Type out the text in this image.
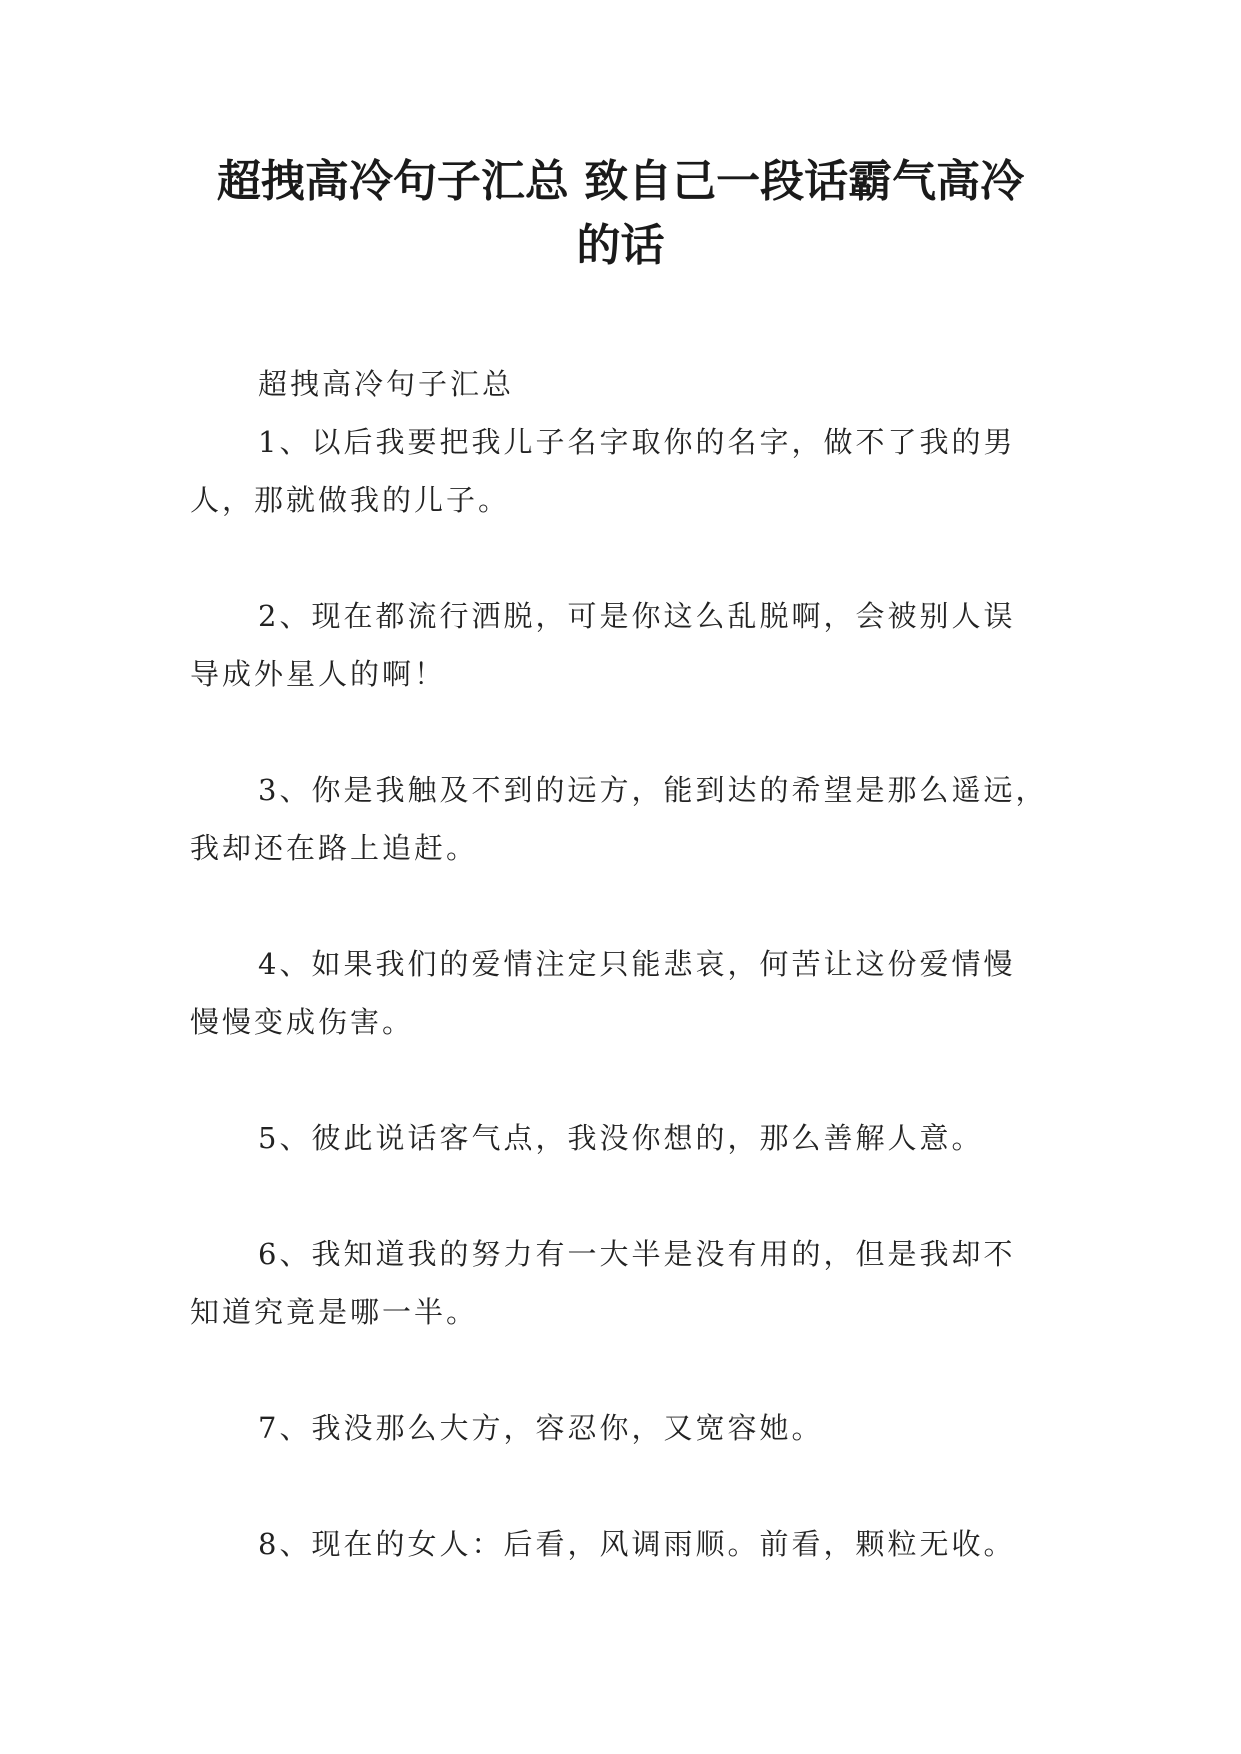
超拽高冷句子汇总 致自己一段话霸气高冷
的话

超拽高冷句子汇总

1、以后我要把我儿子名字取你的名字，做不了我的男
人，那就做我的儿子。
2、现在都流行洒脱，可是你这么乱脱啊，会被别人误
导成外星人的啊！
3、你是我触及不到的远方，能到达的希望是那么遥远，
我却还在路上追赶。
4、如果我们的爱情注定只能悲哀，何苦让这份爱情慢
慢慢变成伤害。
5、彼此说话客气点，我没你想的，那么善解人意。
6、我知道我的努力有一大半是没有用的，但是我却不
知道究竟是哪一半。
7、我没那么大方，容忍你，又宽容她。
8、现在的女人：后看，风调雨顺。前看，颗粒无收。
